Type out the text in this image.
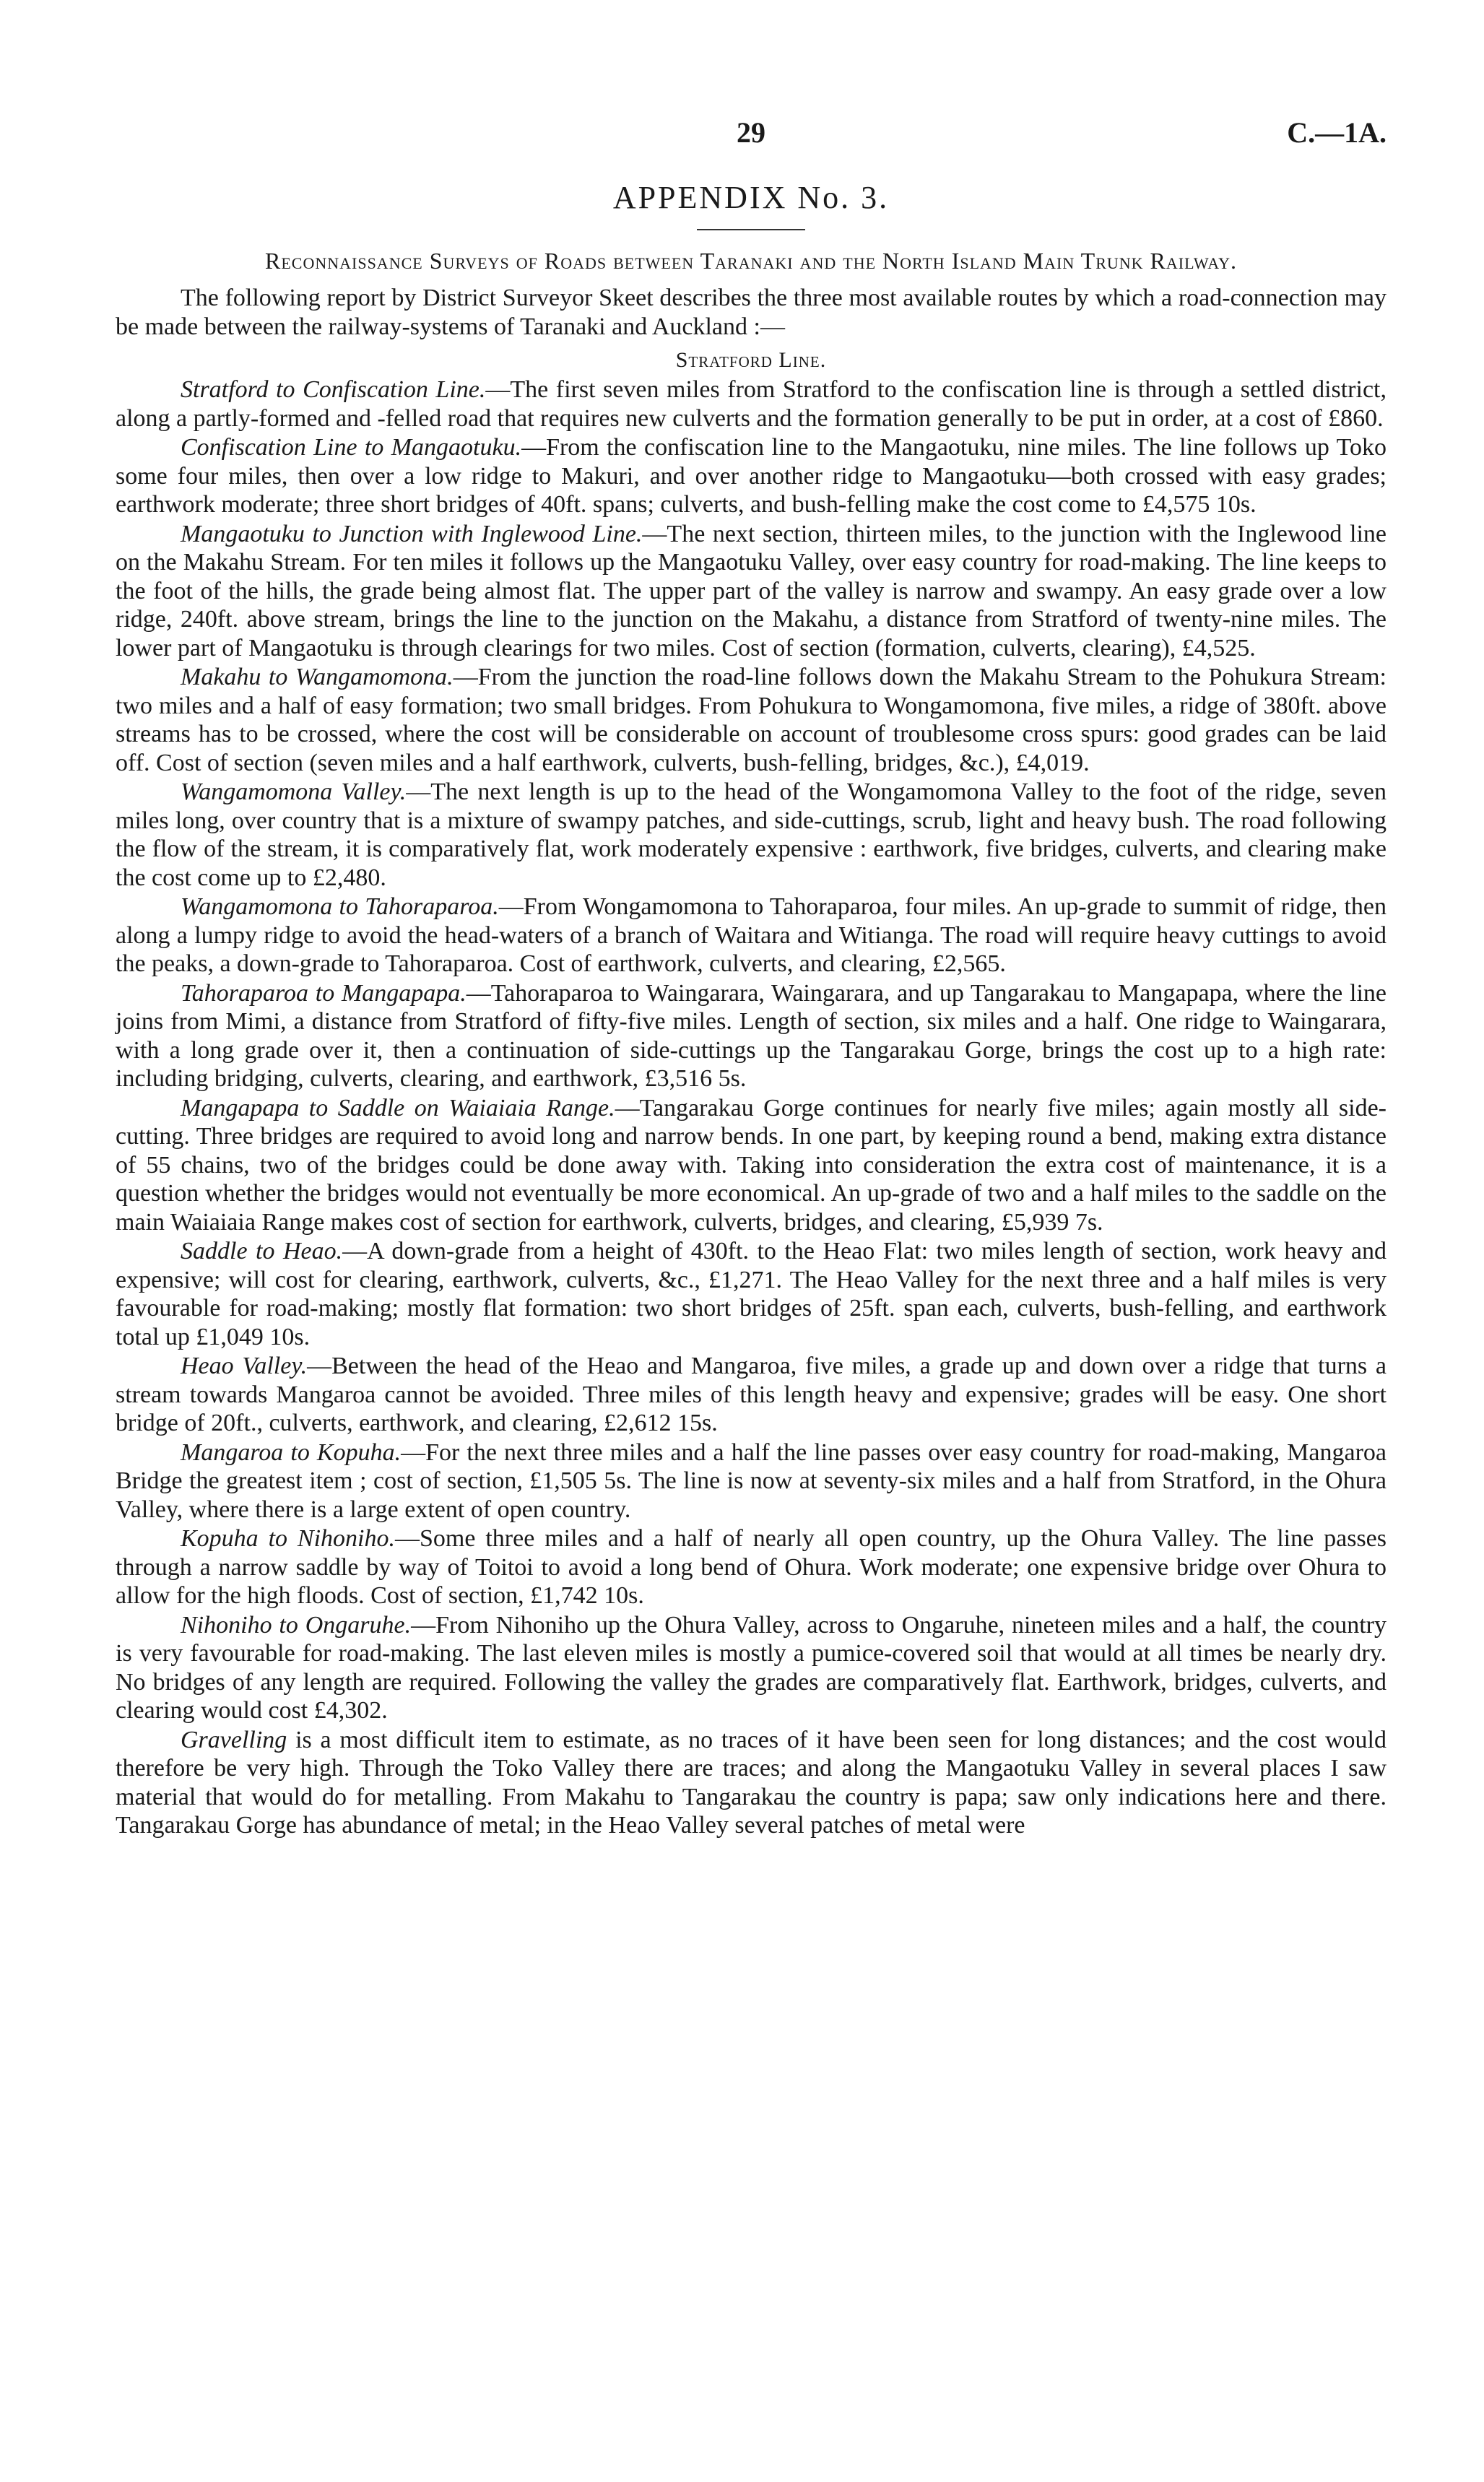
29	C.—1A.
APPENDIX No. 3.
Reconnaissance Surveys of Roads between Taranaki and the North Island Main Trunk Railway.

The following report by District Surveyor Skeet describes the three most available routes by which a road-connection may be made between the railway-systems of Taranaki and Auckland :—

Stratford Line.

Stratford to Confiscation Line.—The first seven miles from Stratford to the confiscation line is through a settled district, along a partly-formed and -felled road that requires new culverts and the formation generally to be put in order, at a cost of £860.

Confiscation Line to Mangaotuku.—From the confiscation line to the Mangaotuku, nine miles. The line follows up Toko some four miles, then over a low ridge to Makuri, and over another ridge to Mangaotuku—both crossed with easy grades; earthwork moderate; three short bridges of 40ft. spans; culverts, and bush-felling make the cost come to £4,575 10s.

Mangaotuku to Junction with Inglewood Line.—The next section, thirteen miles, to the junction with the Inglewood line on the Makahu Stream. For ten miles it follows up the Mangaotuku Valley, over easy country for road-making. The line keeps to the foot of the hills, the grade being almost flat. The upper part of the valley is narrow and swampy. An easy grade over a low ridge, 240ft. above stream, brings the line to the junction on the Makahu, a distance from Stratford of twenty-nine miles. The lower part of Mangaotuku is through clearings for two miles. Cost of section (formation, culverts, clearing), £4,525.

Makahu to Wangamomona.—From the junction the road-line follows down the Makahu Stream to the Pohukura Stream: two miles and a half of easy formation; two small bridges. From Pohukura to Wongamomona, five miles, a ridge of 380ft. above streams has to be crossed, where the cost will be considerable on account of troublesome cross spurs: good grades can be laid off. Cost of section (seven miles and a half earthwork, culverts, bush-felling, bridges, &c.), £4,019.

Wangamomona Valley.—The next length is up to the head of the Wongamomona Valley to the foot of the ridge, seven miles long, over country that is a mixture of swampy patches, and side-cuttings, scrub, light and heavy bush. The road following the flow of the stream, it is comparatively flat, work moderately expensive : earthwork, five bridges, culverts, and clearing make the cost come up to £2,480.

Wangamomona to Tahoraparoa.—From Wongamomona to Tahoraparoa, four miles. An up-grade to summit of ridge, then along a lumpy ridge to avoid the head-waters of a branch of Waitara and Witianga. The road will require heavy cuttings to avoid the peaks, a down-grade to Tahoraparoa. Cost of earthwork, culverts, and clearing, £2,565.

Tahoraparoa to Mangapapa.—Tahoraparoa to Waingarara, Waingarara, and up Tangarakau to Mangapapa, where the line joins from Mimi, a distance from Stratford of fifty-five miles. Length of section, six miles and a half. One ridge to Waingarara, with a long grade over it, then a continuation of side-cuttings up the Tangarakau Gorge, brings the cost up to a high rate: including bridging, culverts, clearing, and earthwork, £3,516 5s.

Mangapapa to Saddle on Waiaiaia Range.—Tangarakau Gorge continues for nearly five miles; again mostly all side-cutting. Three bridges are required to avoid long and narrow bends. In one part, by keeping round a bend, making extra distance of 55 chains, two of the bridges could be done away with. Taking into consideration the extra cost of maintenance, it is a question whether the bridges would not eventually be more economical. An up-grade of two and a half miles to the saddle on the main Waiaiaia Range makes cost of section for earthwork, culverts, bridges, and clearing, £5,939 7s.

Saddle to Heao.—A down-grade from a height of 430ft. to the Heao Flat: two miles length of section, work heavy and expensive; will cost for clearing, earthwork, culverts, &c., £1,271. The Heao Valley for the next three and a half miles is very favourable for road-making; mostly flat formation: two short bridges of 25ft. span each, culverts, bush-felling, and earthwork total up £1,049 10s.

Heao Valley.—Between the head of the Heao and Mangaroa, five miles, a grade up and down over a ridge that turns a stream towards Mangaroa cannot be avoided. Three miles of this length heavy and expensive; grades will be easy. One short bridge of 20ft., culverts, earthwork, and clearing, £2,612 15s.

Mangaroa to Kopuha.—For the next three miles and a half the line passes over easy country for road-making, Mangaroa Bridge the greatest item ; cost of section, £1,505 5s. The line is now at seventy-six miles and a half from Stratford, in the Ohura Valley, where there is a large extent of open country.

Kopuha to Nihoniho.—Some three miles and a half of nearly all open country, up the Ohura Valley. The line passes through a narrow saddle by way of Toitoi to avoid a long bend of Ohura. Work moderate; one expensive bridge over Ohura to allow for the high floods. Cost of section, £1,742 10s.

Nihoniho to Ongaruhe.—From Nihoniho up the Ohura Valley, across to Ongaruhe, nineteen miles and a half, the country is very favourable for road-making. The last eleven miles is mostly a pumice-covered soil that would at all times be nearly dry. No bridges of any length are required. Following the valley the grades are comparatively flat. Earthwork, bridges, culverts, and clearing would cost £4,302.

Gravelling is a most difficult item to estimate, as no traces of it have been seen for long distances; and the cost would therefore be very high. Through the Toko Valley there are traces; and along the Mangaotuku Valley in several places I saw material that would do for metalling. From Makahu to Tangarakau the country is papa; saw only indications here and there. Tangarakau Gorge has abundance of metal; in the Heao Valley several patches of metal were
